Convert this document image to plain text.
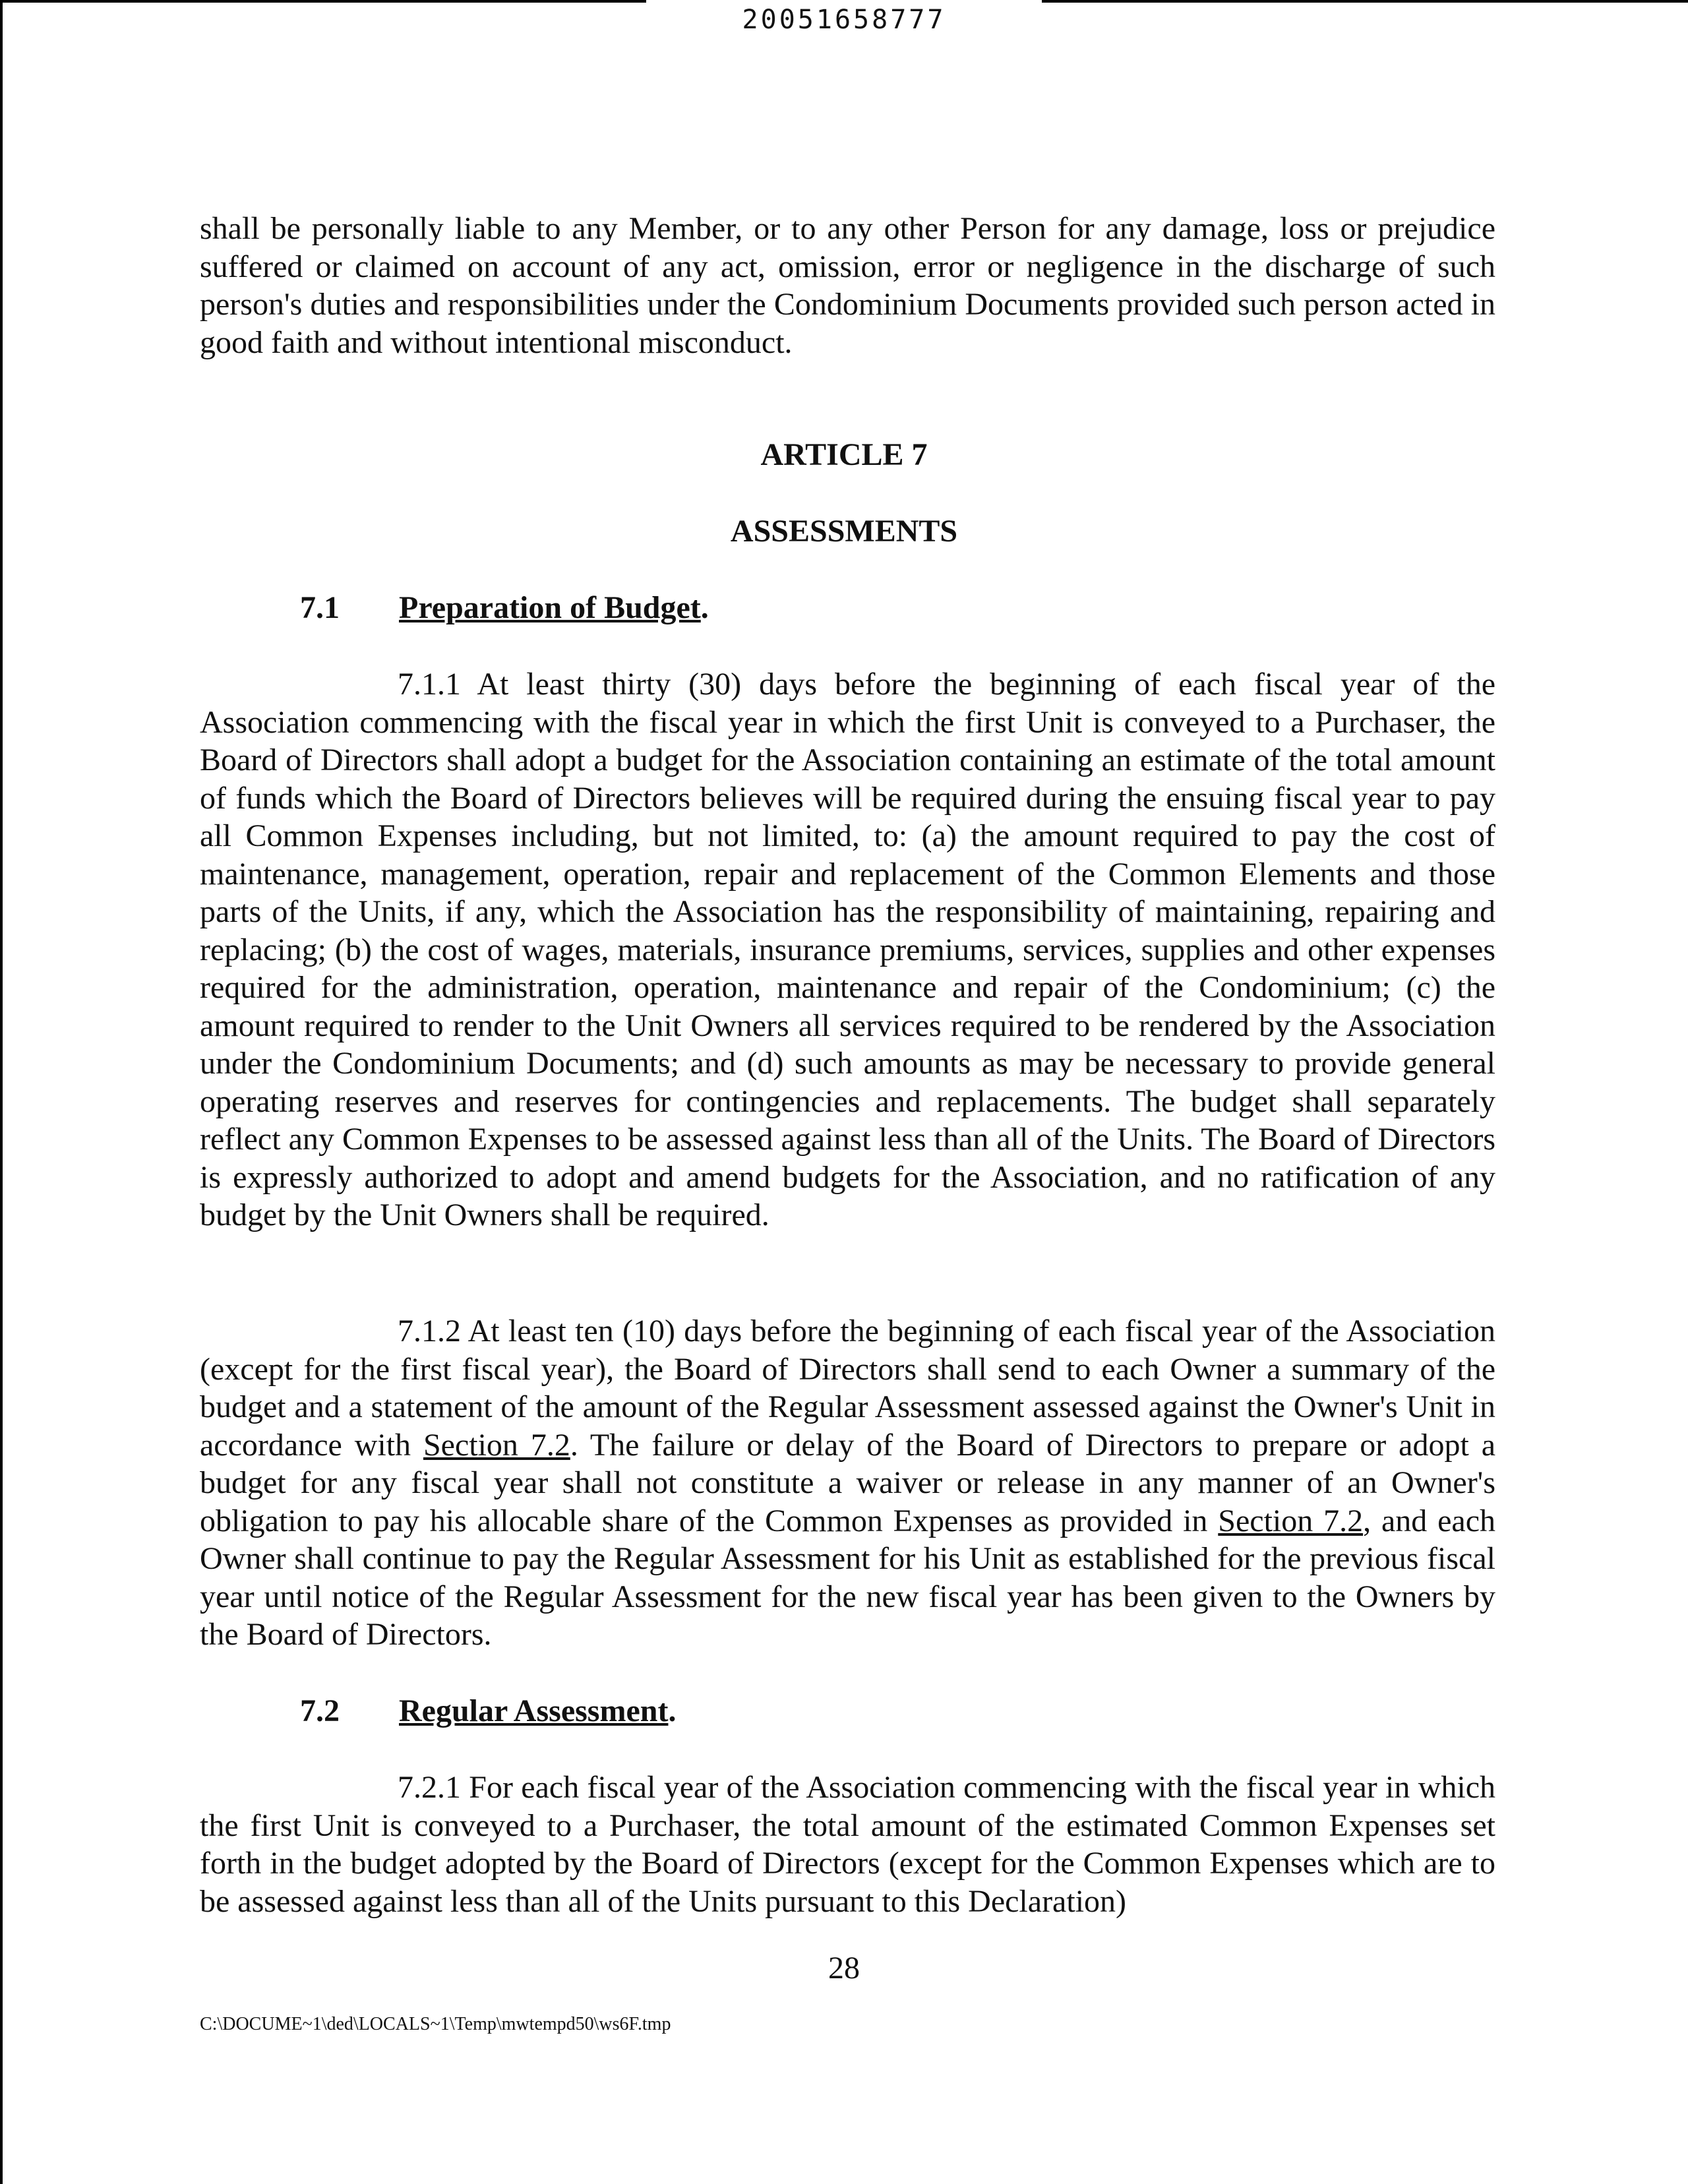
20051658777

shall be personally liable to any Member, or to any other Person for any damage, loss or prejudice suffered or claimed on account of any act, omission, error or negligence in the discharge of such person's duties and responsibilities under the Condominium Documents provided such person acted in good faith and without intentional misconduct.

ARTICLE 7
ASSESSMENTS
7.1 Preparation of Budget.

7.1.1 At least thirty (30) days before the beginning of each fiscal year of the Association commencing with the fiscal year in which the first Unit is conveyed to a Purchaser, the Board of Directors shall adopt a budget for the Association containing an estimate of the total amount of funds which the Board of Directors believes will be required during the ensuing fiscal year to pay all Common Expenses including, but not limited, to: (a) the amount required to pay the cost of maintenance, management, operation, repair and replacement of the Common Elements and those parts of the Units, if any, which the Association has the responsibility of maintaining, repairing and replacing; (b) the cost of wages, materials, insurance premiums, services, supplies and other expenses required for the administration, operation, maintenance and repair of the Condominium; (c) the amount required to render to the Unit Owners all services required to be rendered by the Association under the Condominium Documents; and (d) such amounts as may be necessary to provide general operating reserves and reserves for contingencies and replacements. The budget shall separately reflect any Common Expenses to be assessed against less than all of the Units. The Board of Directors is expressly authorized to adopt and amend budgets for the Association, and no ratification of any budget by the Unit Owners shall be required.

7.1.2 At least ten (10) days before the beginning of each fiscal year of the Association (except for the first fiscal year), the Board of Directors shall send to each Owner a summary of the budget and a statement of the amount of the Regular Assessment assessed against the Owner's Unit in accordance with Section 7.2. The failure or delay of the Board of Directors to prepare or adopt a budget for any fiscal year shall not constitute a waiver or release in any manner of an Owner's obligation to pay his allocable share of the Common Expenses as provided in Section 7.2, and each Owner shall continue to pay the Regular Assessment for his Unit as established for the previous fiscal year until notice of the Regular Assessment for the new fiscal year has been given to the Owners by the Board of Directors.

7.2 Regular Assessment.

7.2.1 For each fiscal year of the Association commencing with the fiscal year in which the first Unit is conveyed to a Purchaser, the total amount of the estimated Common Expenses set forth in the budget adopted by the Board of Directors (except for the Common Expenses which are to be assessed against less than all of the Units pursuant to this Declaration)

28
C:\DOCUME~1\ded\LOCALS~1\Temp\mwtempd50\ws6F.tmp
